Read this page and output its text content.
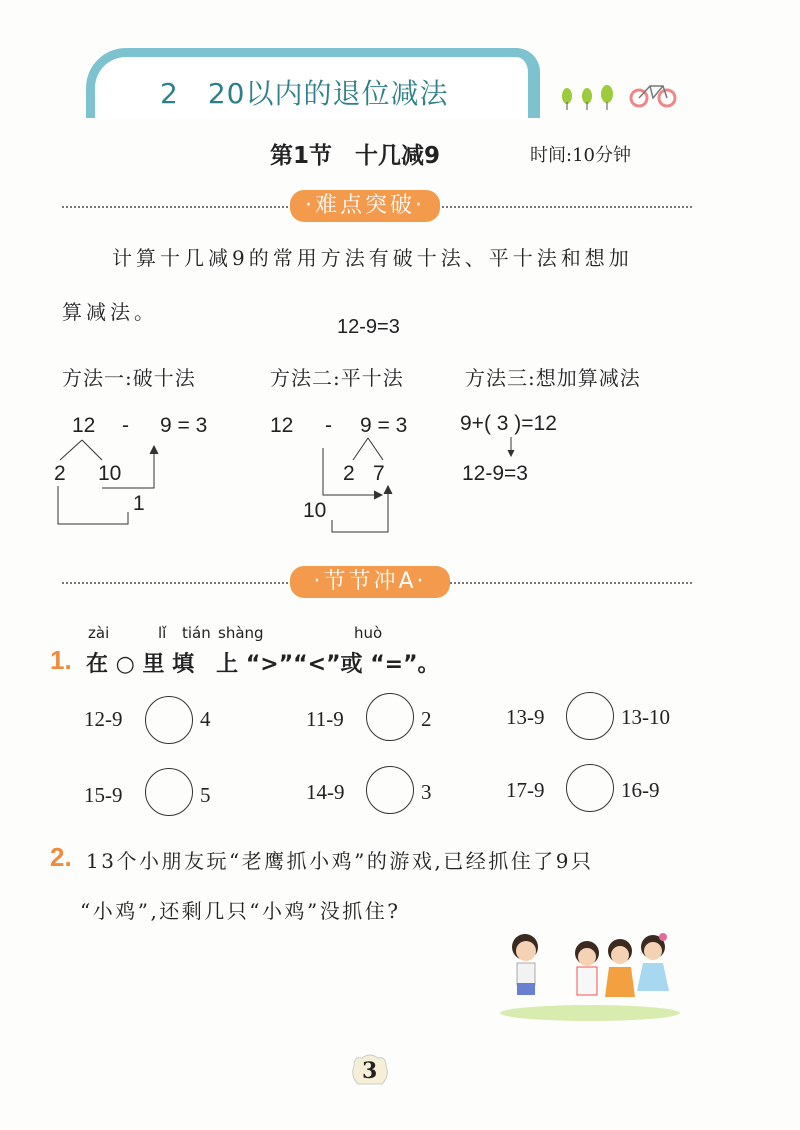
2　20以内的退位减法
第1节　十几减9	时间:10分钟
·难点突破·
计算十几减9的常用方法有破十法、平十法和想加
算减法。
12-9=3
方法一:破十法	方法二:平十法	方法三:想加算减法
12 - 9 = 3
2 10
1
12 - 9 = 3
2 7
10
9+( 3 )=12
12-9=3
·节节冲A·
zài	lǐ tián shàng	huò
1. 在 ○ 里 填　上 “>”“<”或 “=”。
12-9	4	11-9	2	13-9	13-10
15-9	5	14-9	3	17-9	16-9
2. 13个小朋友玩“老鹰抓小鸡”的游戏,已经抓住了9只
“小鸡”,还剩几只“小鸡”没抓住?
3
